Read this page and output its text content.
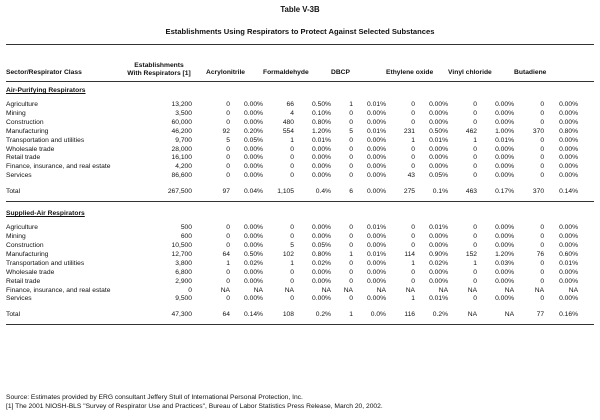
Table V-3B
Establishments Using Respirators to Protect Against Selected Substances
Sector/Respirator Class	Establishments
With Respirators [1]		Acrylonitrile		Formaldehyde		DBCP		Ethylene oxide		Vinyl chloride		Butadiene		

Air-Purifying Respirators															

Agriculture	13,200		0	0.00%	66	0.50%	1	0.01%	0	0.00%	0	0.00%	0	0.00%	
Mining	3,500		0	0.00%	4	0.10%	0	0.00%	0	0.00%	0	0.00%	0	0.00%	
Construction	60,000		0	0.00%	480	0.80%	0	0.00%	0	0.00%	0	0.00%	0	0.00%	
Manufacturing	46,200		92	0.20%	554	1.20%	5	0.01%	231	0.50%	462	1.00%	370	0.80%	
Transportation and utilities	9,700		5	0.05%	1	0.01%	0	0.00%	1	0.01%	1	0.01%	0	0.00%	
Wholesale trade	28,000		0	0.00%	0	0.00%	0	0.00%	0	0.00%	0	0.00%	0	0.00%	
Retail trade	16,100		0	0.00%	0	0.00%	0	0.00%	0	0.00%	0	0.00%	0	0.00%	
Finance, insurance, and real estate	4,200		0	0.00%	0	0.00%	0	0.00%	0	0.00%	0	0.00%	0	0.00%	
Services	86,600		0	0.00%	0	0.00%	0	0.00%	43	0.05%	0	0.00%	0	0.00%	

Total	267,500		97	0.04%	1,105	0.4%	6	0.00%	275	0.1%	463	0.17%	370	0.14%	

Supplied-Air Respirators															

Agriculture	500		0	0.00%	0	0.00%	0	0.01%	0	0.01%	0	0.00%	0	0.00%	
Mining	600		0	0.00%	0	0.00%	0	0.00%	0	0.00%	0	0.00%	0	0.00%	
Construction	10,500		0	0.00%	5	0.05%	0	0.00%	0	0.00%	0	0.00%	0	0.00%	
Manufacturing	12,700		64	0.50%	102	0.80%	1	0.01%	114	0.90%	152	1.20%	76	0.60%	
Transportation and utilities	3,800		1	0.02%	1	0.02%	0	0.00%	1	0.02%	1	0.03%	0	0.01%	
Wholesale trade	6,800		0	0.00%	0	0.00%	0	0.00%	0	0.00%	0	0.00%	0	0.00%	
Retail trade	2,900		0	0.00%	0	0.00%	0	0.00%	0	0.00%	0	0.00%	0	0.00%	
Finance, insurance, and real estate	0		NA	NA	NA	NA	NA	NA	NA	NA	NA	NA	NA	NA	
Services	9,500		0	0.00%	0	0.00%	0	0.00%	1	0.01%	0	0.00%	0	0.00%	

Total	47,300		64	0.14%	108	0.2%	1	0.0%	116	0.2%	NA	NA	77	0.16%	

Source: Estimates provided by ERG consultant Jeffery Stull of International Personal Protection, Inc.
[1] The 2001 NIOSH-BLS "Survey of Respirator Use and Practices", Bureau of Labor Statistics Press Release, March 20, 2002.
